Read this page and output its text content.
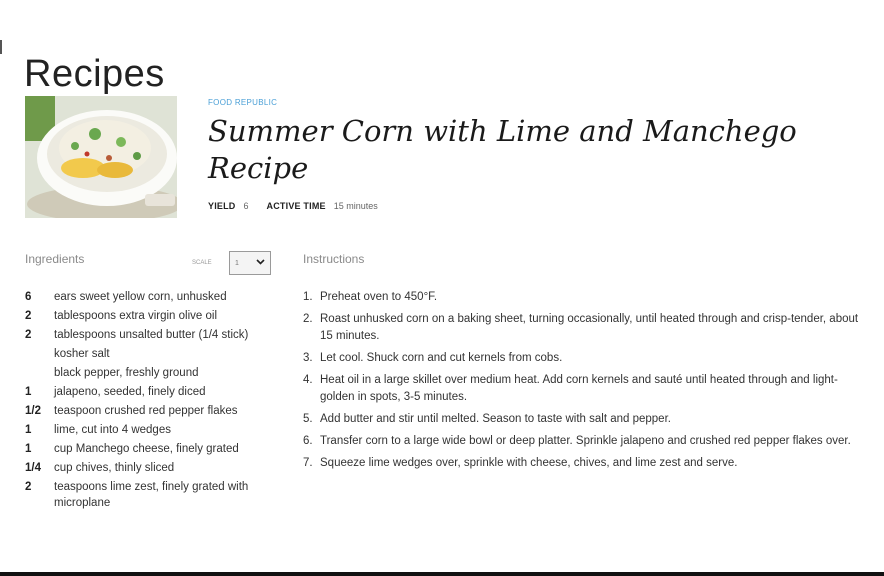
Recipes
FOOD REPUBLIC
Summer Corn with Lime and Manchego Recipe
YIELD 6 ACTIVE TIME 15 minutes
Ingredients	SCALE	1	Instructions
6	ears sweet yellow corn, unhusked
2	tablespoons extra virgin olive oil
2	tablespoons unsalted butter (1/4 stick)
kosher salt
black pepper, freshly ground
1	jalapeno, seeded, finely diced
1/2	teaspoon crushed red pepper flakes
1	lime, cut into 4 wedges
1	cup Manchego cheese, finely grated
1/4	cup chives, thinly sliced
2	teaspoons lime zest, finely grated with microplane
1. Preheat oven to 450°F.
2. Roast unhusked corn on a baking sheet, turning occasionally, until heated through and crisp-tender, about 15 minutes.
3. Let cool. Shuck corn and cut kernels from cobs.
4. Heat oil in a large skillet over medium heat. Add corn kernels and sauté until heated through and light-golden in spots, 3-5 minutes.
5. Add butter and stir until melted. Season to taste with salt and pepper.
6. Transfer corn to a large wide bowl or deep platter. Sprinkle jalapeno and crushed red pepper flakes over.
7. Squeeze lime wedges over, sprinkle with cheese, chives, and lime zest and serve.
